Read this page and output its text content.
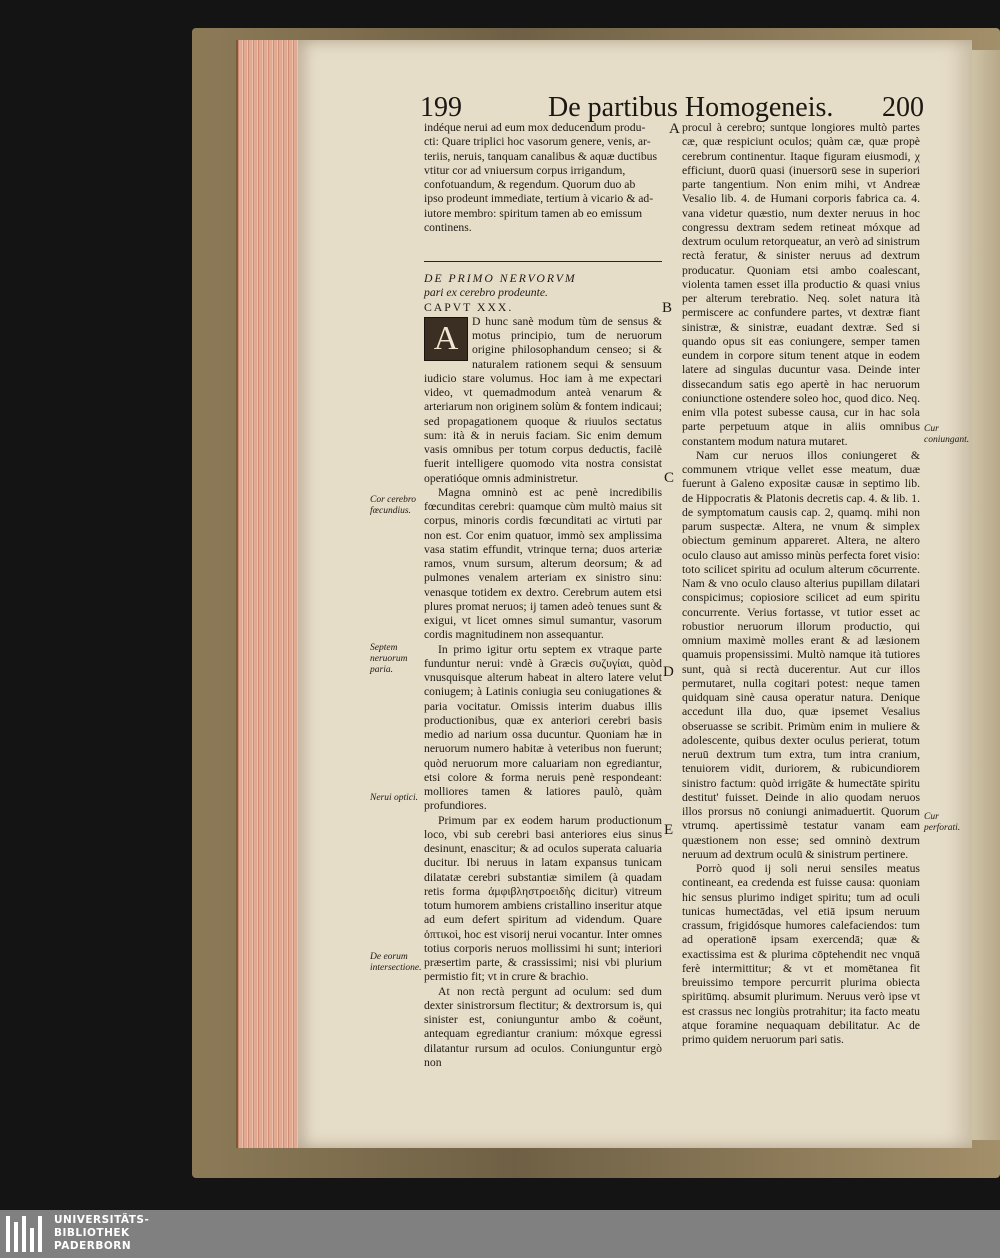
199	De partibus Homogeneis. 200

indéque nerui ad eum mox deducendum produ-

cti: Quare triplici hoc vasorum genere, venis, ar-

teriis, neruis, tanquam canalibus & aquæ ductibus

vtitur cor ad vniuersum corpus irrigandum,

confotuandum, & regendum. Quorum duo ab

ipso prodeunt immediate, tertium à vicario & ad-

iutore membro: spiritum tamen ab eo emissum

continens.

DE PRIMO NERVORVM

pari ex cerebro prodeunte.

CAPVT XXX.

A	D hunc sanè modum tùm de sensus & motus principio, tum de neruorum origine philosophandum censeo; si & naturalem rationem sequi & sensuum iudicio stare volumus. Hoc iam à me expectari video, vt quemadmodum anteà venarum & arteriarum non originem solùm & fontem indicaui; sed propagationem quoque & riuulos sectatus sum: ità & in neruis faciam. Sic enim demum vasis omnibus per totum corpus deductis, facilè fuerit intelligere quomodo vita nostra consistat operatióque omnis administretur.

Magna omninò est ac penè incredibilis fœcunditas cerebri: quamque cùm multò maius sit corpus, minoris cordis fœcunditati ac virtuti par non est. Cor enim quatuor, immò sex amplissima vasa statim effundit, vtrinque terna; duos arteriæ ramos, vnum sursum, alterum deorsum; & ad pulmones venalem arteriam ex sinistro sinu: venasque totidem ex dextro. Cerebrum autem etsi plures promat neruos; ij tamen adeò tenues sunt & exigui, vt licet omnes simul sumantur, vasorum cordis magnitudinem non assequantur.

In primo igitur ortu septem ex vtraque parte funduntur nerui: vndè à Græcis συζυγίαι, quòd vnusquisque alterum habeat in altero latere velut coniugem; à Latinis coniugia seu coniugationes & paria vocitatur. Omissis interim duabus illis productionibus, quæ ex anteriori cerebri basis medio ad narium ossa ducuntur. Quoniam hæ in neruorum numero habitæ à veteribus non fuerunt; quòd neruorum more caluariam non egrediantur, etsi colore & forma neruis penè respondeant: molliores tamen & latiores paulò, quàm profundiores.

Primum par ex eodem harum productionum loco, vbi sub cerebri basi anteriores eius sinus desinunt, enascitur; & ad oculos superata caluaria ducitur. Ibi neruus in latam expansus tunicam dilatatæ cerebri substantiæ similem (à quadam retis forma ἀμφιβληστροειδὴς dicitur) vitreum totum humorem ambiens cristallino inseritur atque ad eum defert spiritum ad videndum. Quare ὀπτικοὶ, hoc est visorij nerui vocantur. Inter omnes totius corporis neruos mollissimi hi sunt; interiori præsertim parte, & crassissimi; nisi vbi plurium permistio fit; vt in crure & brachio.

At non rectà pergunt ad oculum: sed dum dexter sinistrorsum flectitur; & dextrorsum is, qui sinister est, coniunguntur ambo & coëunt, antequam egrediantur cranium: móxque egressi dilatantur rursum ad oculos. Coniunguntur ergò non

procul à cerebro; suntque longiores multò partes cæ, quæ respiciunt oculos; quàm cæ, quæ propè cerebrum continentur. Itaque figuram eiusmodi, χ efficiunt, duorū quasi (inuersorū sese in superiori parte tangentium. Non enim mihi, vt Andreæ Vesalio lib. 4. de Humani corporis fabrica ca. 4. vana videtur quæstio, num dexter neruus in hoc congressu dextram sedem retineat móxque ad dextrum oculum retorqueatur, an verò ad sinistrum rectà feratur, & sinister neruus ad dextrum producatur. Quoniam etsi ambo coalescant, violenta tamen esset illa productio & quasi vnius per alterum terebratio. Neq. solet natura ità permiscere ac confundere partes, vt dextræ fiant sinistræ, & sinistræ, euadant dextræ. Sed si quando opus sit eas coniungere, semper tamen eundem in corpore situm tenent atque in eodem latere ad singulas ducuntur vasa. Deinde inter dissecandum satis ego apertè in hac neruorum coniunctione ostendere soleo hoc, quod dico. Neq. enim vlla potest subesse causa, cur in hac sola parte perpetuum atque in aliis omnibus constantem modum natura mutaret.

Nam cur neruos illos coniungeret & communem vtrique vellet esse meatum, duæ fuerunt à Galeno expositæ causæ in septimo lib. de Hippocratis & Platonis decretis cap. 4. & lib. 1. de symptomatum causis cap. 2, quamq. mihi non parum suspectæ. Altera, ne vnum & simplex obiectum geminum appareret. Altera, ne altero oculo clauso aut amisso minùs perfecta foret visio: toto scilicet spiritu ad oculum alterum cōcurrente. Nam & vno oculo clauso alterius pupillam dilatari conspicimus; copiosiore scilicet ad eum spiritu concurrente. Verius fortasse, vt tutior esset ac robustior neruorum illorum productio, qui omnium maximè molles erant & ad læsionem quamuis propensissimi. Multò namque ità tutiores sunt, quà si rectà ducerentur. Aut cur illos permutaret, nulla cogitari potest: neque tamen quidquam sinè causa operatur natura. Denique accedunt illa duo, quæ ipsemet Vesalius obseruasse se scribit. Primùm enim in muliere & adolescente, quibus dexter oculus perierat, totum neruū dextrum tum extra, tum intra cranium, tenuiorem vidit, duriorem, & rubicundiorem sinistro factum: quòd irrigāte & humectāte spiritu destitut' fuisset. Deinde in alio quodam neruos illos prorsus nō coniungi animaduertit. Quorum vtrumq. apertissimè testatur vanam eam quæstionem non esse; sed omninò dextrum neruum ad dextrum oculū & sinistrum pertinere.

Porrò quod ij soli nerui sensiles meatus contineant, ea credenda est fuisse causa: quoniam hic sensus plurimo indiget spiritu; tum ad oculi tunicas humectādas, vel etiā ipsum neruum crassum, frigidósque humores calefaciendos: tum ad operationē ipsam exercendā; quæ & exactissima est & plurima cōptehendit nec vnquā ferè intermittitur; & vt et momētanea fit breuissimo tempore percurrit plurima obiecta spiritūmq. absumit plurimum. Neruus verò ipse vt est crassus nec longiùs protrahitur; ita facto meatu atque foramine nequaquam debilitatur. Ac de primo quidem neruorum pari satis.

A
B
C
D
E
Cor cerebro fœcundius.
Septem neruorum paria.
Nerui optici.
De eorum intersectione.
Cur coniungant.
Cur perforati.
UNIVERSITÄTS-
BIBLIOTHEK
PADERBORN
